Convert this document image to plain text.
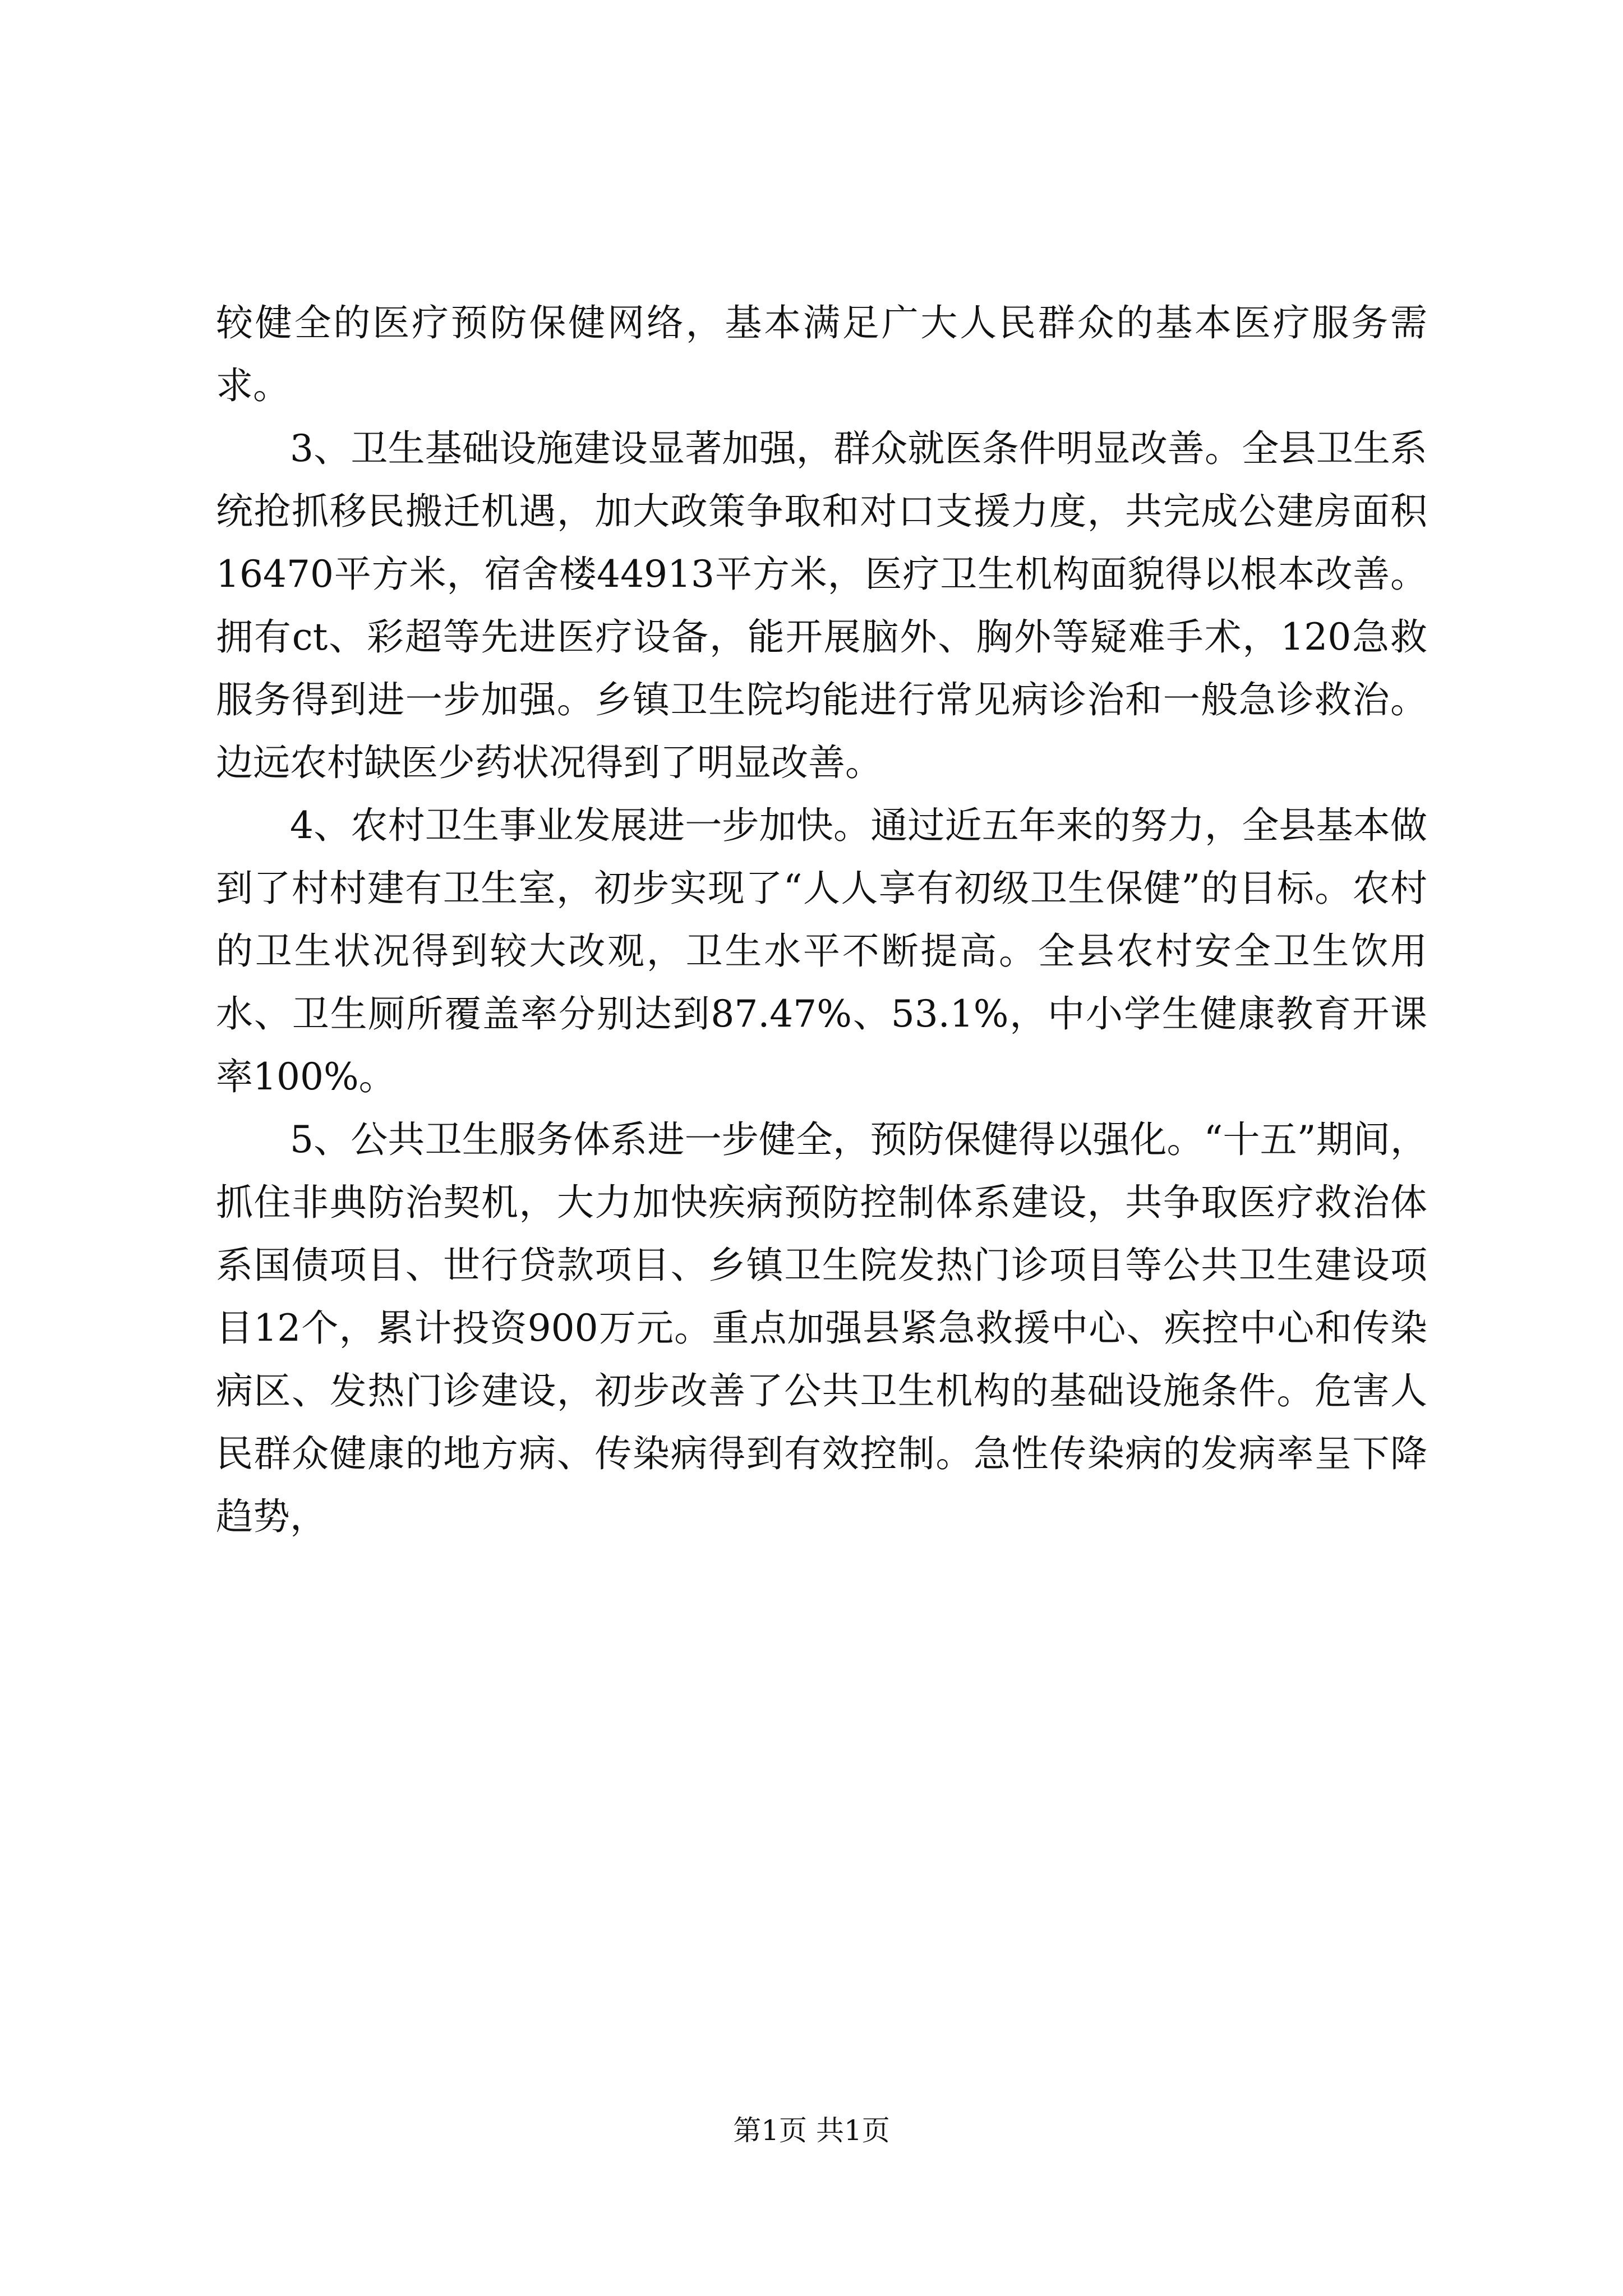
较健全的医疗预防保健网络，基本满足广大人民群众的基本医疗服务需求。

3、卫生基础设施建设显著加强，群众就医条件明显改善。全县卫生系统抢抓移民搬迁机遇，加大政策争取和对口支援力度，共完成公建房面积16470平方米，宿舍楼44913平方米，医疗卫生机构面貌得以根本改善。拥有ct、彩超等先进医疗设备，能开展脑外、胸外等疑难手术，120急救服务得到进一步加强。乡镇卫生院均能进行常见病诊治和一般急诊救治。边远农村缺医少药状况得到了明显改善。

4、农村卫生事业发展进一步加快。通过近五年来的努力，全县基本做到了村村建有卫生室，初步实现了“人人享有初级卫生保健”的目标。农村的卫生状况得到较大改观，卫生水平不断提高。全县农村安全卫生饮用水、卫生厕所覆盖率分别达到87.47%、53.1%，中小学生健康教育开课率100%。

5、公共卫生服务体系进一步健全，预防保健得以强化。“十五”期间，抓住非典防治契机，大力加快疾病预防控制体系建设，共争取医疗救治体系国债项目、世行贷款项目、乡镇卫生院发热门诊项目等公共卫生建设项目12个，累计投资900万元。重点加强县紧急救援中心、疾控中心和传染病区、发热门诊建设，初步改善了公共卫生机构的基础设施条件。危害人民群众健康的地方病、传染病得到有效控制。急性传染病的发病率呈下降趋势，

第1页 共1页
